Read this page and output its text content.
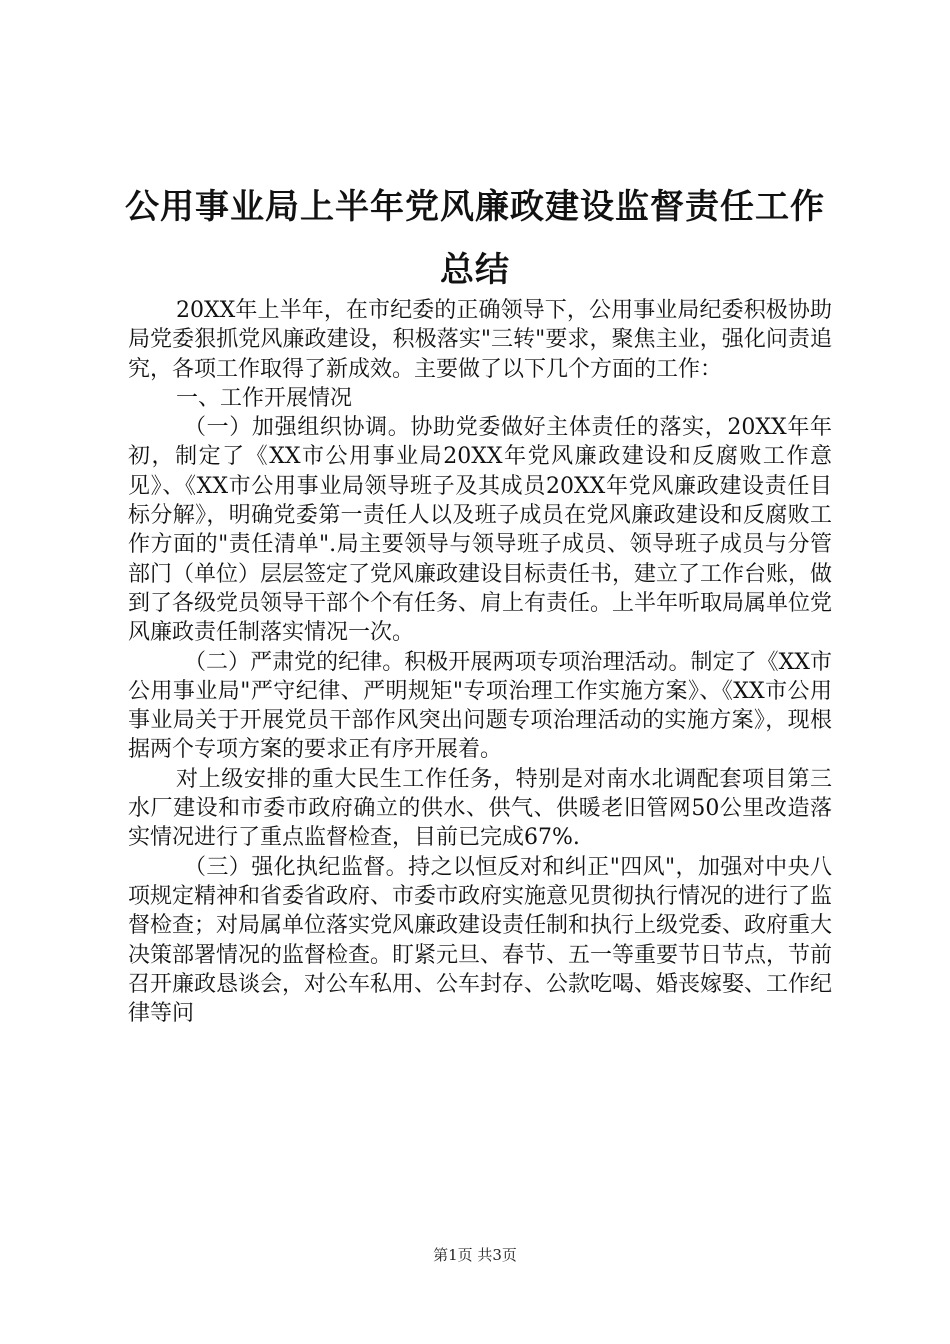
公用事业局上半年党风廉政建设监督责任工作
总结

20XX年上半年，在市纪委的正确领导下，公用事业局纪委积极协助局党委狠抓党风廉政建设，积极落实"三转"要求，聚焦主业，强化问责追究，各项工作取得了新成效。主要做了以下几个方面的工作：

一、工作开展情况

（一）加强组织协调。协助党委做好主体责任的落实，20XX年年初，制定了《XX市公用事业局20XX年党风廉政建设和反腐败工作意见》、《XX市公用事业局领导班子及其成员20XX年党风廉政建设责任目标分解》，明确党委第一责任人以及班子成员在党风廉政建设和反腐败工作方面的"责任清单".局主要领导与领导班子成员、领导班子成员与分管部门（单位）层层签定了党风廉政建设目标责任书，建立了工作台账，做到了各级党员领导干部个个有任务、肩上有责任。上半年听取局属单位党风廉政责任制落实情况一次。

（二）严肃党的纪律。积极开展两项专项治理活动。制定了《XX市公用事业局"严守纪律、严明规矩"专项治理工作实施方案》、《XX市公用事业局关于开展党员干部作风突出问题专项治理活动的实施方案》，现根据两个专项方案的要求正有序开展着。

对上级安排的重大民生工作任务，特别是对南水北调配套项目第三水厂建设和市委市政府确立的供水、供气、供暖老旧管网50公里改造落实情况进行了重点监督检查，目前已完成67%.

（三）强化执纪监督。持之以恒反对和纠正"四风"，加强对中央八项规定精神和省委省政府、市委市政府实施意见贯彻执行情况的进行了监督检查；对局属单位落实党风廉政建设责任制和执行上级党委、政府重大决策部署情况的监督检查。盯紧元旦、春节、五一等重要节日节点，节前召开廉政恳谈会，对公车私用、公车封存、公款吃喝、婚丧嫁娶、工作纪律等问

第1页 共3页
